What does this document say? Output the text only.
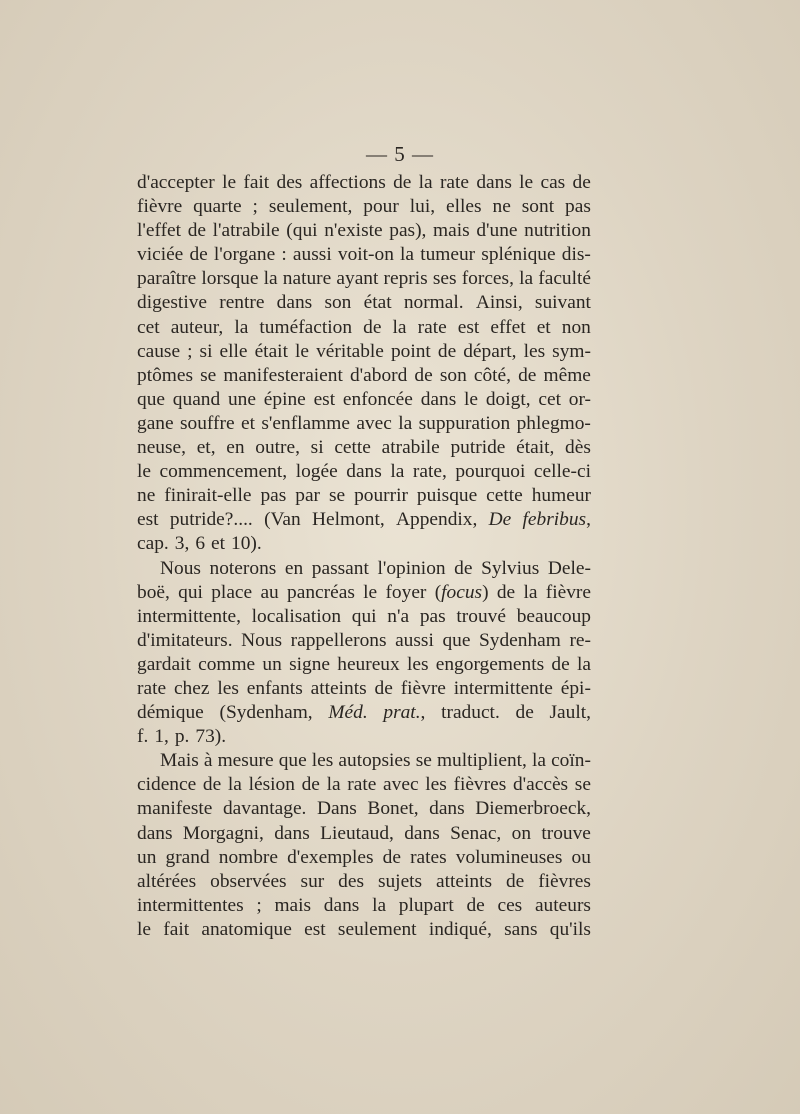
— 5 —
d'accepter le fait des affections de la rate dans le cas de
fièvre quarte ; seulement, pour lui, elles ne sont pas
l'effet de l'atrabile (qui n'existe pas), mais d'une nutrition
viciée de l'organe : aussi voit-on la tumeur splénique dis-
paraître lorsque la nature ayant repris ses forces, la faculté
digestive rentre dans son état normal. Ainsi, suivant
cet auteur, la tuméfaction de la rate est effet et non
cause ; si elle était le véritable point de départ, les sym-
ptômes se manifesteraient d'abord de son côté, de même
que quand une épine est enfoncée dans le doigt, cet or-
gane souffre et s'enflamme avec la suppuration phlegmo-
neuse, et, en outre, si cette atrabile putride était, dès
le commencement, logée dans la rate, pourquoi celle-ci
ne finirait-elle pas par se pourrir puisque cette humeur
est putride?.... (Van Helmont, Appendix, De febribus,
cap. 3, 6 et 10).
Nous noterons en passant l'opinion de Sylvius Dele-
boë, qui place au pancréas le foyer (focus) de la fièvre
intermittente, localisation qui n'a pas trouvé beaucoup
d'imitateurs. Nous rappellerons aussi que Sydenham re-
gardait comme un signe heureux les engorgements de la
rate chez les enfants atteints de fièvre intermittente épi-
démique (Sydenham, Méd. prat., traduct. de Jault,
f. 1, p. 73).
Mais à mesure que les autopsies se multiplient, la coïn-
cidence de la lésion de la rate avec les fièvres d'accès se
manifeste davantage. Dans Bonet, dans Diemerbroeck,
dans Morgagni, dans Lieutaud, dans Senac, on trouve
un grand nombre d'exemples de rates volumineuses ou
altérées observées sur des sujets atteints de fièvres
intermittentes ; mais dans la plupart de ces auteurs
le fait anatomique est seulement indiqué, sans qu'ils
